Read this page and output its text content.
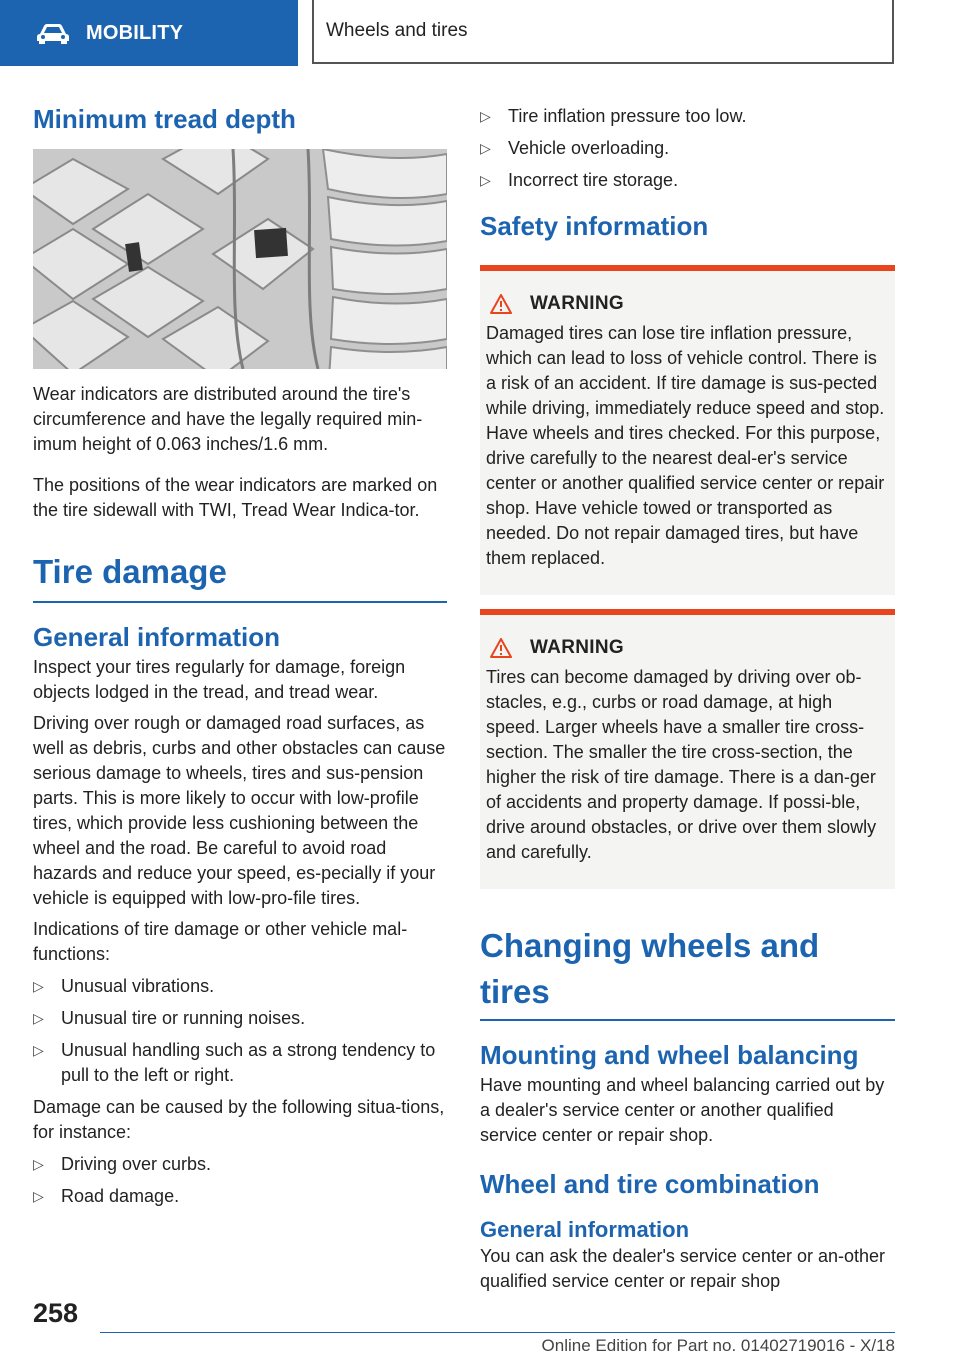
MOBILITY	Wheels and tires
Minimum tread depth

Wear indicators are distributed around the tire's circumference and have the legally required min‐imum height of 0.063 inches/1.6 mm.

The positions of the wear indicators are marked on the tire sidewall with TWI, Tread Wear Indica‐tor.

Tire damage
General information

Inspect your tires regularly for damage, foreign objects lodged in the tread, and tread wear.

Driving over rough or damaged road surfaces, as well as debris, curbs and other obstacles can cause serious damage to wheels, tires and sus‐pension parts. This is more likely to occur with low-profile tires, which provide less cushioning between the wheel and the road. Be careful to avoid road hazards and reduce your speed, es‐pecially if your vehicle is equipped with low-pro‐file tires.

Indications of tire damage or other vehicle mal‐functions:

▷ Unusual vibrations.
▷ Unusual tire or running noises.
▷ Unusual handling such as a strong tendency to pull to the left or right.

Damage can be caused by the following situa‐tions, for instance:

▷ Driving over curbs.
▷ Road damage.
▷ Tire inflation pressure too low.
▷ Vehicle overloading.
▷ Incorrect tire storage.
Safety information
WARNING

Damaged tires can lose tire inflation pressure, which can lead to loss of vehicle control. There is a risk of an accident. If tire damage is sus‐pected while driving, immediately reduce speed and stop. Have wheels and tires checked. For this purpose, drive carefully to the nearest deal‐er's service center or another qualified service center or repair shop. Have vehicle towed or transported as needed. Do not repair damaged tires, but have them replaced.

WARNING

Tires can become damaged by driving over ob‐stacles, e.g., curbs or road damage, at high speed. Larger wheels have a smaller tire cross-section. The smaller the tire cross-section, the higher the risk of tire damage. There is a dan‐ger of accidents and property damage. If possi‐ble, drive around obstacles, or drive over them slowly and carefully.

Changing wheels and tires
Mounting and wheel balancing

Have mounting and wheel balancing carried out by a dealer's service center or another qualified service center or repair shop.

Wheel and tire combination
General information

You can ask the dealer's service center or an‐other qualified service center or repair shop

258
Online Edition for Part no. 01402719016 - X/18
